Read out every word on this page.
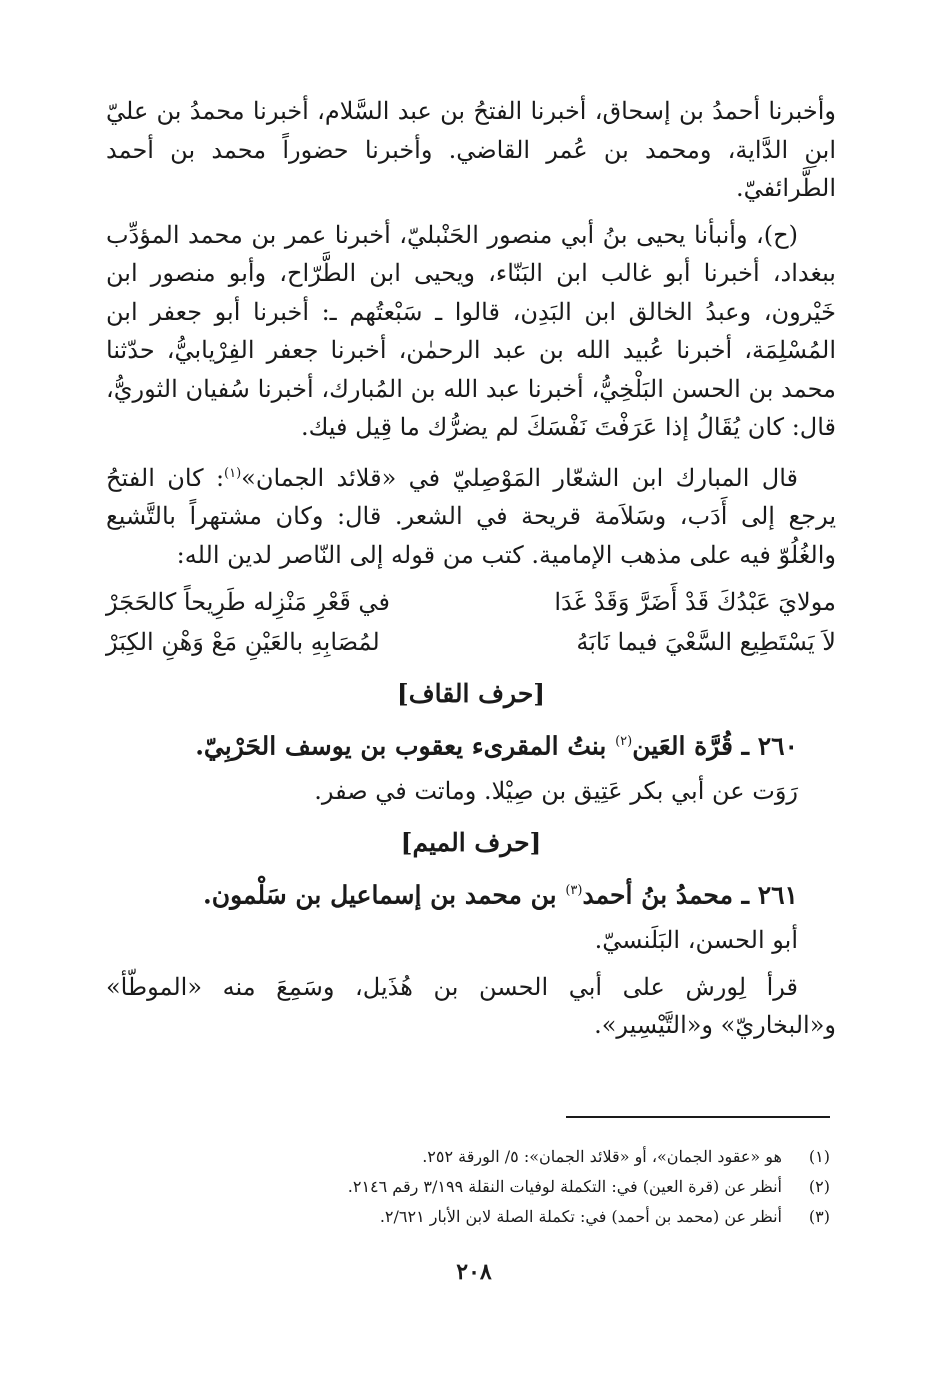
وأخبرنا أحمدُ بن إسحاق، أخبرنا الفتحُ بن عبد السَّلام، أخبرنا محمدُ بن عليّ ابنِ الدَّاية، ومحمد بن عُمر القاضي. وأخبرنا حضوراً محمد بن أحمد الطَّرائفيّ.

(ح)، وأنبأنا يحيى بنُ أبي منصور الحَنْبليّ، أخبرنا عمر بن محمد المؤدِّب ببغداد، أخبرنا أبو غالب ابن البَنّاء، ويحيى ابن الطَّرّاح، وأبو منصور ابن خَيْرون، وعبدُ الخالق ابن البَدِن، قالوا ـ سَبْعتُهم ـ: أخبرنا أبو جعفر ابن المُسْلِمَة، أخبرنا عُبيد الله بن عبد الرحمٰن، أخبرنا جعفر الفِرْيابيُّ، حدّثنا محمد بن الحسن البَلْخِيُّ، أخبرنا عبد الله بن المُبارك، أخبرنا سُفيان الثوريُّ، قال: كان يُقَالُ إذا عَرَفْتَ نَفْسَكَ لم يضرُّك ما قِيل فيك.

قال المبارك ابن الشعّار المَوْصِليّ في «قلائد الجمان»$^{(١)}$: كان الفتحُ يرجع إلى أَدَب، وسَلاَمة قريحة في الشعر. قال: وكان مشتهراً بالتَّشيع والغُلُوّ فيه على مذهب الإمامية. كتب من قوله إلى النّاصر لدين الله:

مولايَ عَبْدُكَ قَدْ أَضَرَّ وَقَدْ غَدَا
في قَعْرِ مَنْزِله طَرِيحاً كالحَجَرْ
لاَ يَسْتَطِيع السَّعْيَ فيما نَابَهُ
لمُصَابِهِ بالعَيْنِ مَعْ وَهْنِ الكِبَرْ
[حرف القاف]

٢٦٠ ـ قُرَّة العَين$^{(٢)}$ بنتُ المقرىء يعقوب بن يوسف الحَرْبِيّ.

رَوَت عن أبي بكر عَتِيق بن صِيْلا. وماتت في صفر.

[حرف الميم]

٢٦١ ـ محمدُ بنُ أحمد$^{(٣)}$ بن محمد بن إسماعيل بن سَلْمون.

أبو الحسن، البَلَنسيّ.

قرأ لِورش على أبي الحسن بن هُذَيل، وسَمِعَ منه «الموطّأ» و«البخاريّ» و«التَّيْسِير».

(١)
هو «عقود الجمان»، أو «قلائد الجمان»: ٥/ الورقة ٢٥٢.
(٢)
أنظر عن (قرة العين) في: التكملة لوفيات النقلة ٣/١٩٩ رقم ٢١٤٦.
(٣)
أنظر عن (محمد بن أحمد) في: تكملة الصلة لابن الأبار ٢/٦٢١.
٢٠٨
